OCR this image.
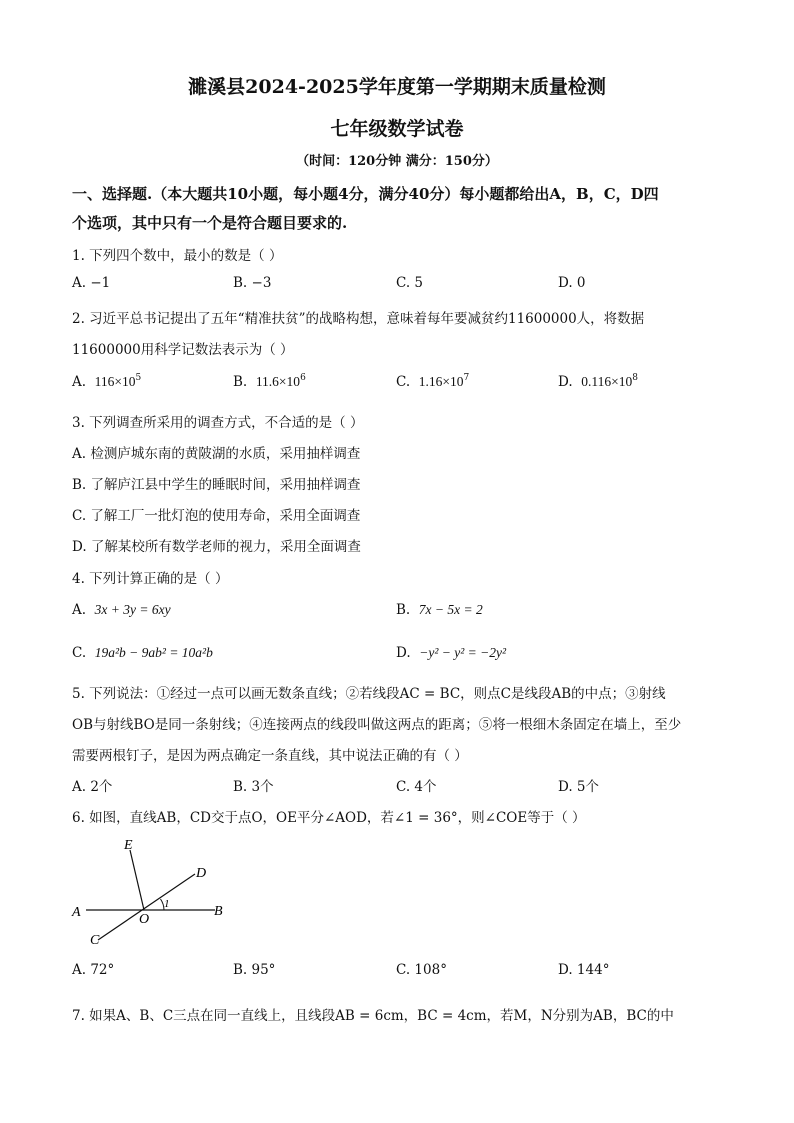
濉溪县2024-2025学年度第一学期期末质量检测
七年级数学试卷
（时间：120分钟 满分：150分）
一、选择题.（本大题共10小题，每小题4分，满分40分）每小题都给出A，B，C，D四
个选项，其中只有一个是符合题目要求的.
1. 下列四个数中，最小的数是（ ）
A. −1	B. −3	C. 5	D. 0
2. 习近平总书记提出了五年“精准扶贫”的战略构想，意味着每年要减贫约11600000人，将数据
11600000用科学记数法表示为（ ）
A. $116\times 10^5$	B. $11.6\times 10^6$	C. $1.16\times 10^7$	D. $0.116\times 10^8$
3. 下列调查所采用的调查方式，不合适的是（ ）
A. 检测庐城东南的黄陂湖的水质，采用抽样调查
B. 了解庐江县中学生的睡眠时间，采用抽样调查
C. 了解工厂一批灯泡的使用寿命，采用全面调查
D. 了解某校所有数学老师的视力，采用全面调查
4. 下列计算正确的是（ ）
A.  3x + 3y = 6xy	B.  7x − 5x = 2
C.  19a²b − 9ab² = 10a²b	D.  −y² − y² = −2y²
5. 下列说法：①经过一点可以画无数条直线；②若线段AC = BC，则点C是线段AB的中点；③射线
OB与射线BO是同一条射线；④连接两点的线段叫做这两点的距离；⑤将一根细木条固定在墙上，至少
需要两根钉子，是因为两点确定一条直线，其中说法正确的有（ ）
A. 2个	B. 3个	C. 4个	D. 5个
6. 如图，直线AB，CD交于点O，OE平分∠AOD，若∠1 = 36°，则∠COE等于（ ）
E
D
A	O
B
C
1
A. 72°	B. 95°	C. 108°	D. 144°
7. 如果A、B、C三点在同一直线上，且线段AB = 6cm，BC = 4cm，若M，N分别为AB，BC的中
